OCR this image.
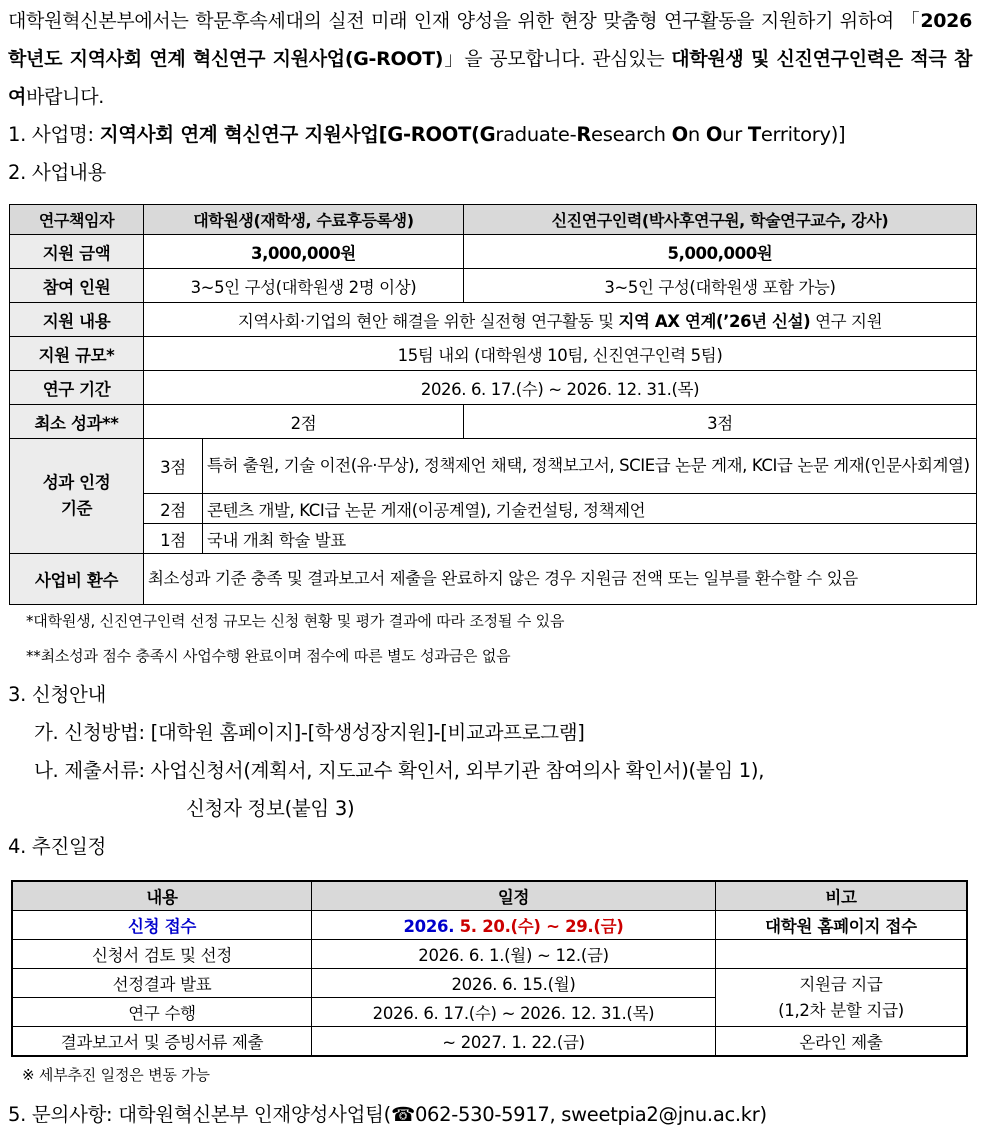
대학원혁신본부에서는 학문후속세대의 실전 미래 인재 양성을 위한 현장 맞춤형 연구활동을 지원하기 위하여 「2026학년도 지역사회 연계 혁신연구 지원사업(G-ROOT)」을 공모합니다. 관심있는 대학원생 및 신진연구인력은 적극 참여바랍니다.

1. 사업명: 지역사회 연계 혁신연구 지원사업[G-ROOT(Graduate-Research On Our Territory)]

2. 사업내용

연구책임자	대학원생(재학생, 수료후등록생)		신진연구인력(박사후연구원, 학술연구교수, 강사)
지원 금액	3,000,000원		5,000,000원
참여 인원	3~5인 구성(대학원생 2명 이상)		3~5인 구성(대학원생 포함 가능)
지원 내용	지역사회·기업의 현안 해결을 위한 실전형 연구활동 및 지역 AX 연계(’26년 신설) 연구 지원		
지원 규모*	15팀 내외 (대학원생 10팀, 신진연구인력 5팀)		
연구 기간	2026. 6. 17.(수) ~ 2026. 12. 31.(목)		
최소 성과**	2점		3점
성과 인정
기준	3점	특허 출원, 기술 이전(유·무상), 정책제언 채택, 정책보고서, SCIE급 논문 게재, KCI급 논문 게재(인문사회계열)	
	2점	콘텐츠 개발, KCI급 논문 게재(이공계열), 기술컨설팅, 정책제언	
	1점	국내 개최 학술 발표	
사업비 환수	최소성과 기준 충족 및 결과보고서 제출을 완료하지 않은 경우 지원금 전액 또는 일부를 환수할 수 있음		
*대학원생, 신진연구인력 선정 규모는 신청 현황 및 평가 결과에 따라 조정될 수 있음
**최소성과 점수 충족시 사업수행 완료이며 점수에 따른 별도 성과금은 없음

3. 신청안내

가. 신청방법: [대학원 홈페이지]-[학생성장지원]-[비교과프로그램]

나. 제출서류: 사업신청서(계획서, 지도교수 확인서, 외부기관 참여의사 확인서)(붙임 1),

신청자 정보(붙임 3)

4. 추진일정

내용	일정	비고
신청 접수	2026. 5. 20.(수) ~ 29.(금)	대학원 홈페이지 접수
신청서 검토 및 선정	2026. 6. 1.(월) ~ 12.(금)	
선정결과 발표	2026. 6. 15.(월)	지원금 지급
(1,2차 분할 지급)

연구 수행	2026. 6. 17.(수) ~ 2026. 12. 31.(목)	
결과보고서 및 증빙서류 제출	~ 2027. 1. 22.(금)	온라인 제출
※ 세부추진 일정은 변동 가능

5. 문의사항: 대학원혁신본부 인재양성사업팀(☎062-530-5917, sweetpia2@jnu.ac.kr)
